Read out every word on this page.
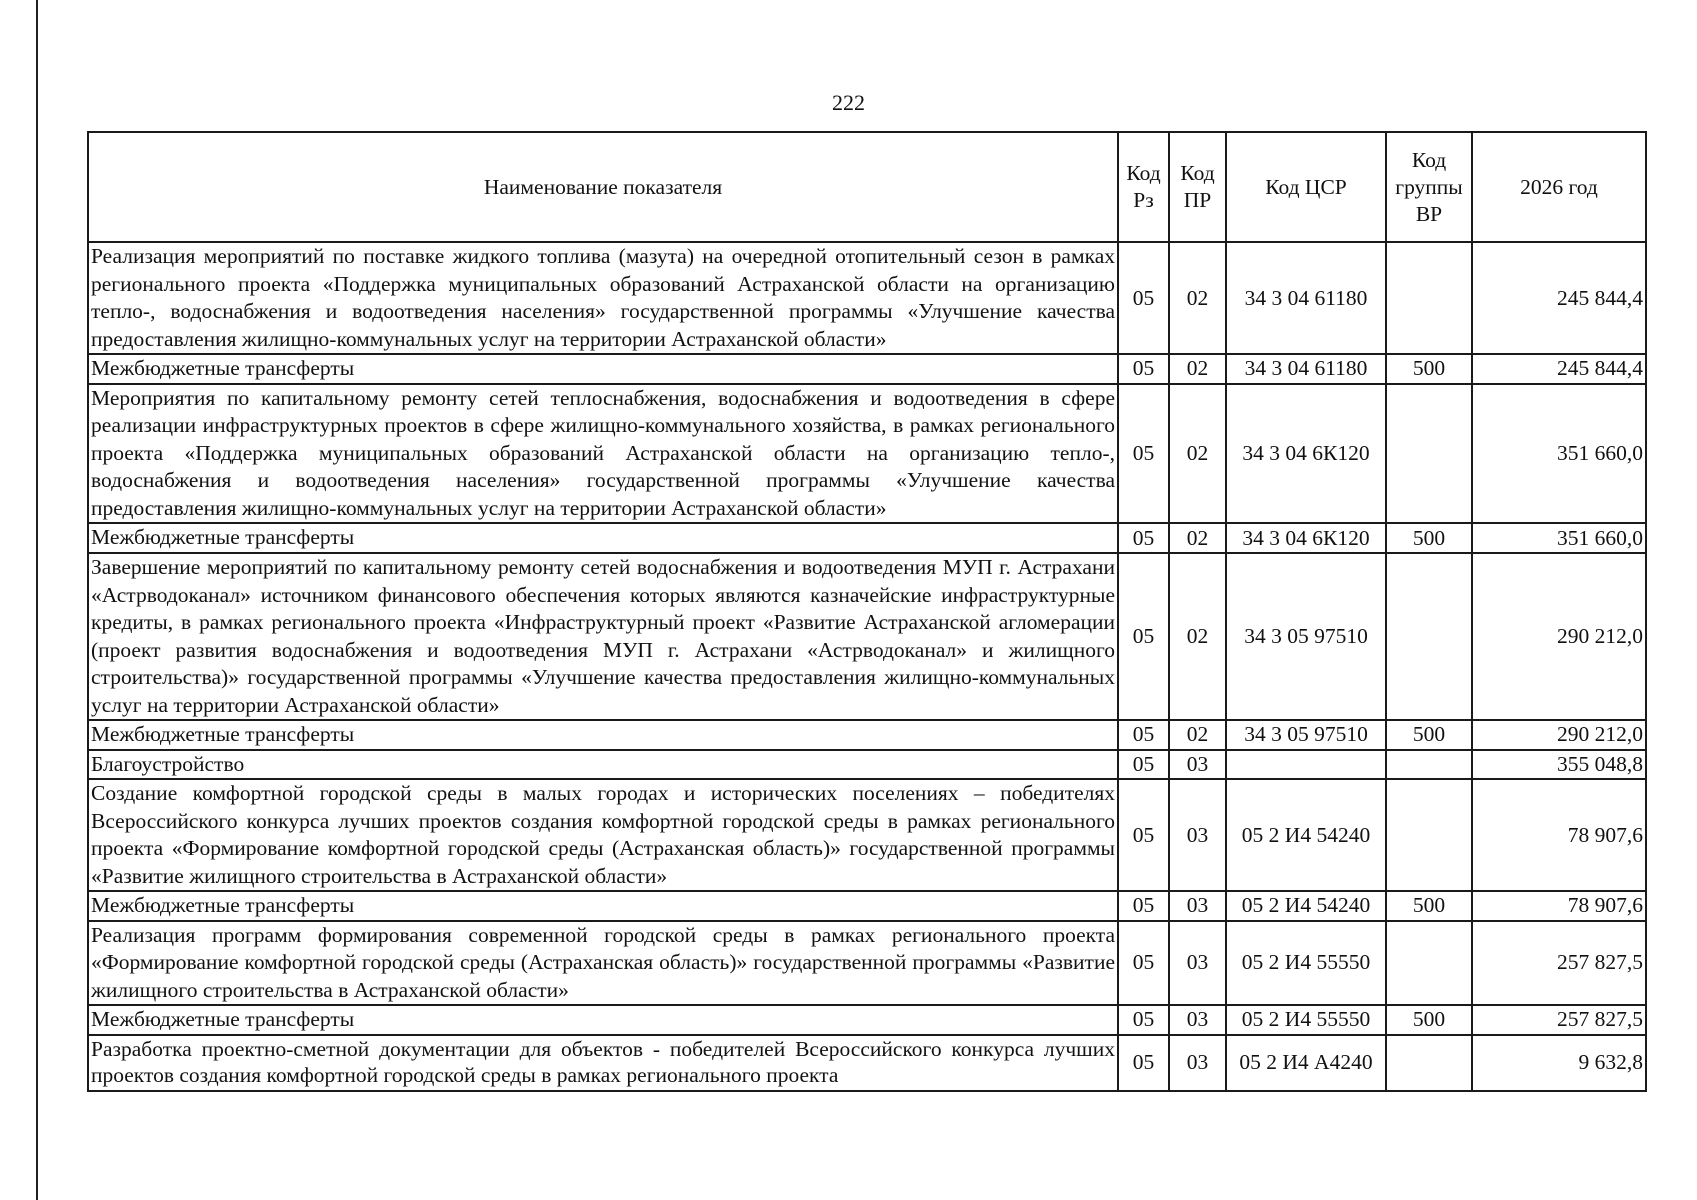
222
Наименование показателя	Код Рз	Код ПР	Код ЦСР	Код группы ВР	2026 год
Реализация мероприятий по поставке жидкого топлива (мазута) на очередной отопительный сезон в рамках регионального проекта «Поддержка муниципальных образований Астраханской области на организацию тепло-, водоснабжения и водоотведения населения» государственной программы «Улучшение качества предоставления жилищно-коммунальных услуг на территории Астраханской области»	05	02	34 3 04 61180		245 844,4
Межбюджетные трансферты	05	02	34 3 04 61180	500	245 844,4
Мероприятия по капитальному ремонту сетей теплоснабжения, водоснабжения и водоотведения в сфере реализации инфраструктурных проектов в сфере жилищно-коммунального хозяйства, в рамках регионального проекта «Поддержка муниципальных образований Астраханской области на организацию тепло-, водоснабжения и водоотведения населения» государственной программы «Улучшение качества предоставления жилищно-коммунальных услуг на территории Астраханской области»	05	02	34 3 04 6К120		351 660,0
Межбюджетные трансферты	05	02	34 3 04 6К120	500	351 660,0
Завершение мероприятий по капитальному ремонту сетей водоснабжения и водоотведения МУП г. Астрахани «Астрводоканал» источником финансового обеспечения которых являются казначейские инфраструктурные кредиты, в рамках регионального проекта «Инфраструктурный проект «Развитие Астраханской агломерации (проект развития водоснабжения и водоотведения МУП г. Астрахани «Астрводоканал» и жилищного строительства)» государственной программы «Улучшение качества предоставления жилищно-коммунальных услуг на территории Астраханской области»	05	02	34 3 05 97510		290 212,0
Межбюджетные трансферты	05	02	34 3 05 97510	500	290 212,0
Благоустройство	05	03			355 048,8
Создание комфортной городской среды в малых городах и исторических поселениях – победителях Всероссийского конкурса лучших проектов создания комфортной городской среды в рамках регионального проекта «Формирование комфортной городской среды (Астраханская область)» государственной программы «Развитие жилищного строительства в Астраханской области»	05	03	05 2 И4 54240		78 907,6
Межбюджетные трансферты	05	03	05 2 И4 54240	500	78 907,6
Реализация программ формирования современной городской среды в рамках регионального проекта «Формирование комфортной городской среды (Астраханская область)» государственной программы «Развитие жилищного строительства в Астраханской области»	05	03	05 2 И4 55550		257 827,5
Межбюджетные трансферты	05	03	05 2 И4 55550	500	257 827,5
Разработка проектно-сметной документации для объектов - победителей Всероссийского конкурса лучших проектов создания комфортной городской среды в рамках регионального проекта	05	03	05 2 И4 А4240		9 632,8
